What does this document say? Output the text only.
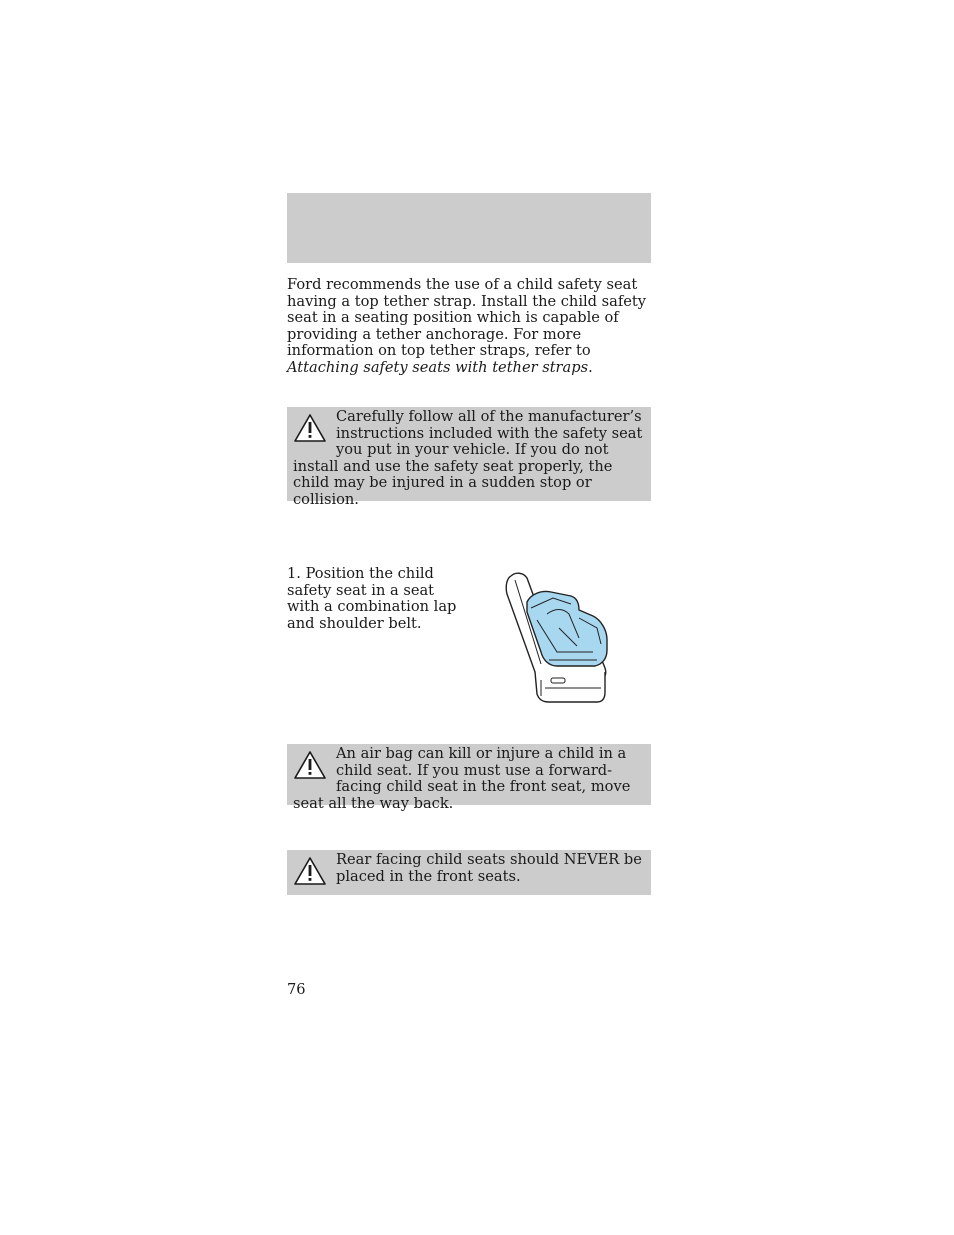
Ford recommends the use of a child safety seat having a top tether strap. Install the child safety seat in a seating position which is capable of providing a tether anchorage. For more information on top tether straps, refer to Attaching safety seats with tether straps.
Carefully follow all of the manufacturer’s instructions included with the safety seat you put in your vehicle. If you do not install and use the safety seat properly, the child may be injured in a sudden stop or collision.
1. Position the child safety seat in a seat with a combination lap and shoulder belt.
An air bag can kill or injure a child in a child seat. If you must use a forward-facing child seat in the front seat, move seat all the way back.
Rear facing child seats should NEVER be placed in the front seats.
76
